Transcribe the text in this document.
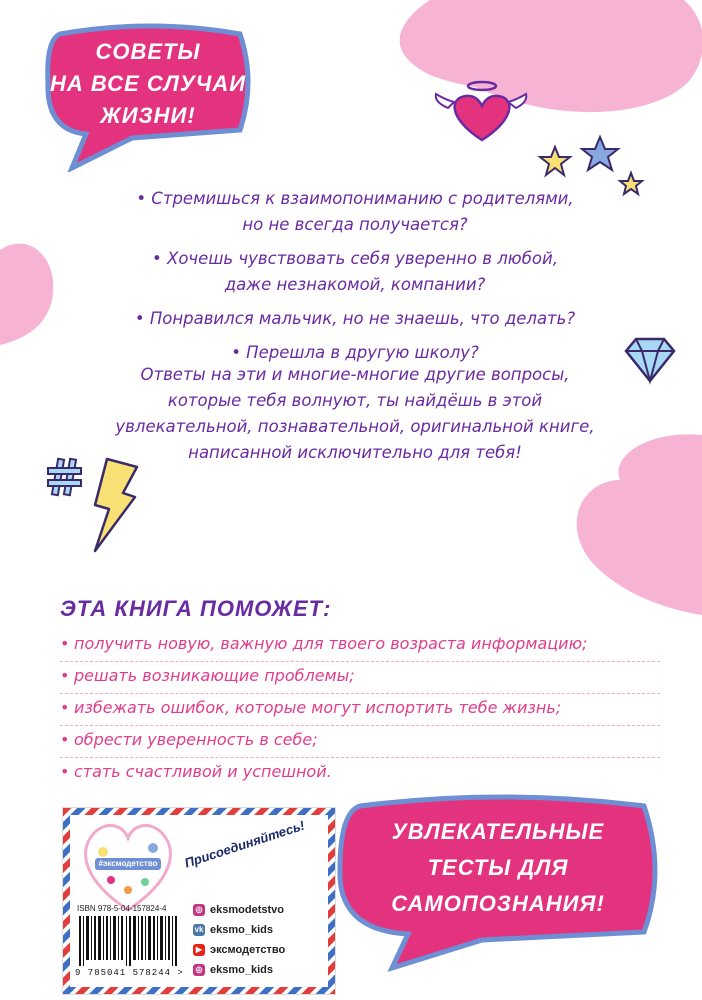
СОВЕТЫ
НА ВСЕ СЛУЧАИ
ЖИЗНИ!
• Стремишься к взаимопониманию с родителями,
но не всегда получается?
• Хочешь чувствовать себя уверенно в любой,
даже незнакомой, компании?
• Понравился мальчик, но не знаешь, что делать?
• Перешла в другую школу?
Ответы на эти и многие-многие другие вопросы,
которые тебя волнуют, ты найдёшь в этой
увлекательной, познавательной, оригинальной книге,
написанной исключительно для тебя!
ЭТА КНИГА ПОМОЖЕТ:
• получить новую, важную для твоего возраста информацию;
• решать возникающие проблемы;
• избежать ошибок, которые могут испортить тебе жизнь;
• обрести уверенность в себе;
• стать счастливой и успешной.
#эксмодетство	Присоединяйтесь!
ISBN 978-5-04-157824-4
9 785041 578244 >
◎ eksmodetstvo
vk eksmo_kids
▶ эксмодетство
◎ eksmo_kids
УВЛЕКАТЕЛЬНЫЕ
ТЕСТЫ ДЛЯ
САМОПОЗНАНИЯ!
